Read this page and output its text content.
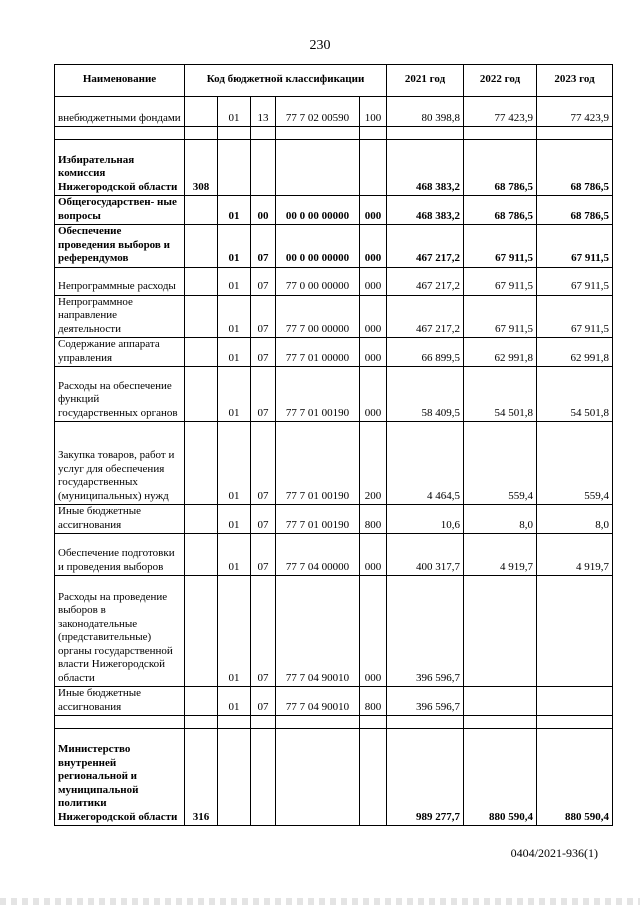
230
Наименование	Код бюджетной классификации					2021 год	2022 год	2023 год
внебюджетными фондами		01	13	77 7 02 00590	100	80 398,8	77 423,9	77 423,9

Избирательная комиссия Нижегородской области	308					468 383,2	68 786,5	68 786,5
Общегосударствен- ные вопросы		01	00	00 0 00 00000	000	468 383,2	68 786,5	68 786,5
Обеспечение проведения выборов и референдумов		01	07	00 0 00 00000	000	467 217,2	67 911,5	67 911,5
Непрограммные расходы		01	07	77 0 00 00000	000	467 217,2	67 911,5	67 911,5
Непрограммное направление деятельности		01	07	77 7 00 00000	000	467 217,2	67 911,5	67 911,5
Содержание аппарата управления		01	07	77 7 01 00000	000	66 899,5	62 991,8	62 991,8
Расходы на обеспечение функций государственных органов		01	07	77 7 01 00190	000	58 409,5	54 501,8	54 501,8
Закупка товаров, работ и услуг для обеспечения государственных (муниципальных) нужд		01	07	77 7 01 00190	200	4 464,5	559,4	559,4
Иные бюджетные ассигнования		01	07	77 7 01 00190	800	10,6	8,0	8,0
Обеспечение подготовки и проведения выборов		01	07	77 7 04 00000	000	400 317,7	4 919,7	4 919,7
Расходы на проведение выборов в законодательные (представительные) органы государственной власти Нижегородской области		01	07	77 7 04 90010	000	396 596,7		
Иные бюджетные ассигнования		01	07	77 7 04 90010	800	396 596,7		

Министерство внутренней региональной и муниципальной политики Нижегородской области	316					989 277,7	880 590,4	880 590,4
0404/2021-936(1)
